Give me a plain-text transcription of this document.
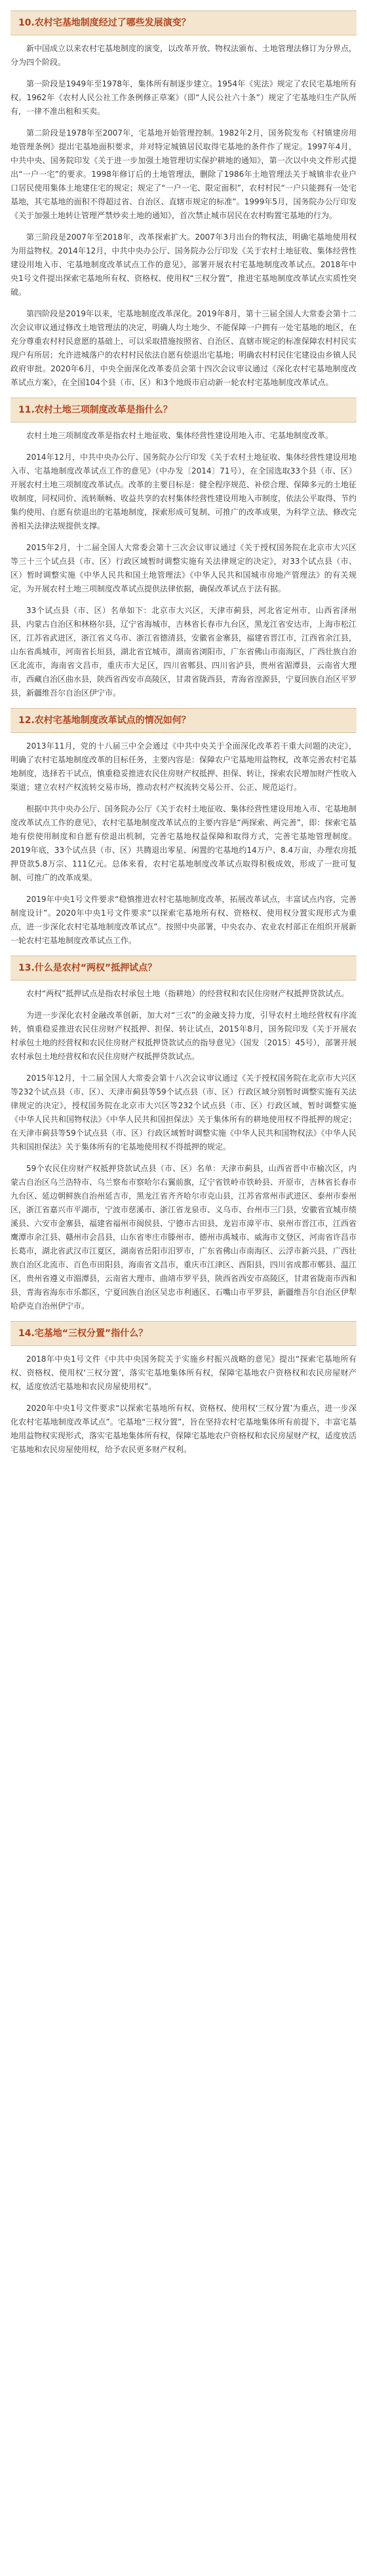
10.农村宅基地制度经过了哪些发展演变？

新中国成立以来农村宅基地制度的演变，以改革开放、物权法颁布、土地管理法修订为分界点，分为四个阶段。

第一阶段是1949年至1978年，集体所有制逐步建立。1954年《宪法》规定了农民宅基地所有权。1962年《农村人民公社工作条例修正草案》（即“人民公社六十条”）规定了宅基地归生产队所有，一律不准出租和买卖。

第二阶段是1978年至2007年，宅基地开始管理控制。1982年2月，国务院发布《村镇建房用地管理条例》提出宅基地面积要求，并对特定城镇居民取得宅基地的条件作了规定。1997年4月，中共中央、国务院印发《关于进一步加强土地管理切实保护耕地的通知》，第一次以中央文件形式提出“一户一宅”的要求。1998年修订后的土地管理法，删除了1986年土地管理法关于城镇非农业户口居民使用集体土地建住宅的规定；规定了“一户一宅、限定面积”，农村村民“一户只能拥有一处宅基地，其宅基地的面积不得超过省、自治区、直辖市规定的标准”。1999年5月，国务院办公厅印发《关于加强土地转让管理严禁炒卖土地的通知》，首次禁止城市居民在农村购置宅基地的行为。

第三阶段是2007年至2018年，改革探索扩大。2007年3月出台的物权法，明确宅基地使用权为用益物权。2014年12月，中共中央办公厅、国务院办公厅印发《关于农村土地征收、集体经营性建设用地入市、宅基地制度改革试点工作的意见》，部署开展农村宅基地制度改革试点。2018年中央1号文件提出探索宅基地所有权、资格权、使用权“三权分置”，推进宅基地制度改革试点实质性突破。

第四阶段是2019年以来，宅基地制度改革深化。2019年8月，第十三届全国人大常委会第十二次会议审议通过修改土地管理法的决定，明确人均土地少、不能保障一户拥有一处宅基地的地区，在充分尊重农村村民意愿的基础上，可以采取措施按照省、自治区、直辖市规定的标准保障农村村民实现户有所居；允许进城落户的农村村民依法自愿有偿退出宅基地；明确农村村民住宅建设由乡镇人民政府审批。2020年6月，中央全面深化改革委员会第十四次会议审议通过《深化农村宅基地制度改革试点方案》，在全国104个县（市、区）和3个地级市启动新一轮农村宅基地制度改革试点。

11.农村土地三项制度改革是指什么？

农村土地三项制度改革是指农村土地征收、集体经营性建设用地入市、宅基地制度改革。

2014年12月，中共中央办公厅、国务院办公厅印发《关于农村土地征收、集体经营性建设用地入市、宅基地制度改革试点工作的意见》（中办发〔2014〕71号），在全国选取33个县（市、区）开展农村土地三项制度改革试点。改革的主要目标是：健全程序规范、补偿合理、保障多元的土地征收制度，同权同价、流转顺畅、收益共享的农村集体经营性建设用地入市制度，依法公平取得、节约集约使用、自愿有偿退出的宅基地制度，探索形成可复制、可推广的改革成果，为科学立法、修改完善相关法律法规提供支撑。

2015年2月，十二届全国人大常委会第十三次会议审议通过《关于授权国务院在北京市大兴区等三十三个试点县（市、区）行政区域暂时调整实施有关法律规定的决定》，对33个试点县（市、区）暂时调整实施《中华人民共和国土地管理法》《中华人民共和国城市房地产管理法》的有关规定，为开展农村土地三项制度改革试点提供法律依据，确保改革试点于法有据。

33个试点县（市、区）名单如下：北京市大兴区，天津市蓟县，河北省定州市，山西省泽州县，内蒙古自治区和林格尔县，辽宁省海城市，吉林省长春市九台区，黑龙江省安达市，上海市松江区，江苏省武进区，浙江省义乌市、浙江省德清县，安徽省金寨县，福建省晋江市，江西省余江县，山东省禹城市，河南省长垣县，湖北省宜城市，湖南省浏阳市，广东省佛山市南海区，广西壮族自治区北流市，海南省文昌市，重庆市大足区，四川省郫县、四川省泸县，贵州省湄潭县，云南省大理市，西藏自治区曲水县，陕西省西安市高陵区，甘肃省陇西县，青海省湟源县，宁夏回族自治区平罗县，新疆维吾尔自治区伊宁市。

12.农村宅基地制度改革试点的情况如何？

2013年11月，党的十八届三中全会通过《中共中央关于全面深化改革若干重大问题的决定》，明确了农村宅基地制度改革的目标任务，主要内容是：保障农户宅基地用益物权，改革完善农村宅基地制度，选择若干试点，慎重稳妥推进农民住房财产权抵押、担保、转让，探索农民增加财产性收入渠道；建立农村产权流转交易市场，推动农村产权流转交易公开、公正、规范运行。

根据中共中央办公厅、国务院办公厅《关于农村土地征收、集体经营性建设用地入市、宅基地制度改革试点工作的意见》，农村宅基地制度改革试点的主要内容是“两探索、两完善”，即：探索宅基地有偿使用制度和自愿有偿退出机制，完善宅基地权益保障和取得方式，完善宅基地管理制度。2019年底，33个试点县（市、区）共腾退出零星、闲置的宅基地约14万户、8.4万亩，办理农房抵押贷款5.8万宗、111亿元。总体来看，农村宅基地制度改革试点取得积极成效，形成了一批可复制、可推广的改革成果。

2019年中央1号文件要求“稳慎推进农村宅基地制度改革，拓展改革试点，丰富试点内容，完善制度设计”。2020年中央1号文件要求“以探索宅基地所有权、资格权、使用权分置实现形式为重点，进一步深化农村宅基地制度改革试点”。按照中央部署，中央农办、农业农村部正在组织开展新一轮农村宅基地制度改革试点工作。

13.什么是农村“两权”抵押试点？

农村“两权”抵押试点是指农村承包土地（指耕地）的经营权和农民住房财产权抵押贷款试点。

为进一步深化农村金融改革创新，加大对“三农”的金融支持力度，引导农村土地经营权有序流转，慎重稳妥推进农民住房财产权抵押、担保、转让试点，2015年8月，国务院印发《关于开展农村承包土地的经营权和农民住房财产权抵押贷款试点的指导意见》（国发〔2015〕45号），部署开展农村承包土地经营权和农民住房财产权抵押贷款试点。

2015年12月，十二届全国人大常委会第十八次会议审议通过《关于授权国务院在北京市大兴区等232个试点县（市、区）、天津市蓟县等59个试点县（市、区）行政区域分别暂时调整实施有关法律规定的决定》，授权国务院在北京市大兴区等232个试点县（市、区）行政区域，暂时调整实施《中华人民共和国物权法》《中华人民共和国担保法》关于集体所有的耕地使用权不得抵押的规定；在天津市蓟县等59个试点县（市、区）行政区域暂时调整实施《中华人民共和国物权法》《中华人民共和国担保法》关于集体所有的宅基地使用权不得抵押的规定。

59个农民住房财产权抵押贷款试点县（市、区）名单：天津市蓟县，山西省晋中市榆次区，内蒙古自治区乌兰浩特市、乌兰察布市察哈尔右翼前旗，辽宁省铁岭市铁岭县、开原市，吉林省长春市九台区、延边朝鲜族自治州延吉市，黑龙江省齐齐哈尔市克山县，江苏省常州市武进区、泰州市泰州区，浙江省嘉兴市平湖市，宁波市慈溪市、浙江省龙泉市、义乌市、台州市三门县，安徽省宣城市绩溪县、六安市金寨县，福建省福州市闽侯县、宁德市古田县、龙岩市漳平市、泉州市晋江市，江西省鹰潭市余江县、赣州市会昌县，山东省枣庄市滕州市、德州市禹城市、威海市文登区，河南省许昌市长葛市，湖北省武汉市江夏区，湖南省岳阳市汨罗市，广东省佛山市南海区、云浮市新兴县，广西壮族自治区北流市、百色市田阳县，海南省文昌市，重庆市江津区、酉阳县，四川省成都市郫县、温江区，贵州省遵义市湄潭县，云南省大理市、曲靖市罗平县，陕西省西安市高陵区，甘肃省陇南市西和县，青海省海东市乐都区，宁夏回族自治区吴忠市利通区、石嘴山市平罗县，新疆维吾尔自治区伊犁哈萨克自治州伊宁市。

14.宅基地“三权分置”指什么？

2018年中央1号文件《中共中央国务院关于实施乡村振兴战略的意见》提出“探索宅基地所有权、资格权、使用权‘三权分置’，落实宅基地集体所有权，保障宅基地农户资格权和农民房屋财产权，适度放活宅基地和农民房屋使用权”。

2020年中央1号文件要求“以探索宅基地所有权、资格权、使用权‘三权分置’为重点，进一步深化农村宅基地制度改革试点”。宅基地“三权分置”，旨在坚持农村宅基地集体所有前提下，丰富宅基地用益物权实现形式，落实宅基地集体所有权，保障宅基地农户资格权和农民房屋财产权，适度放活宅基地和农民房屋使用权，给予农民更多财产权利。
